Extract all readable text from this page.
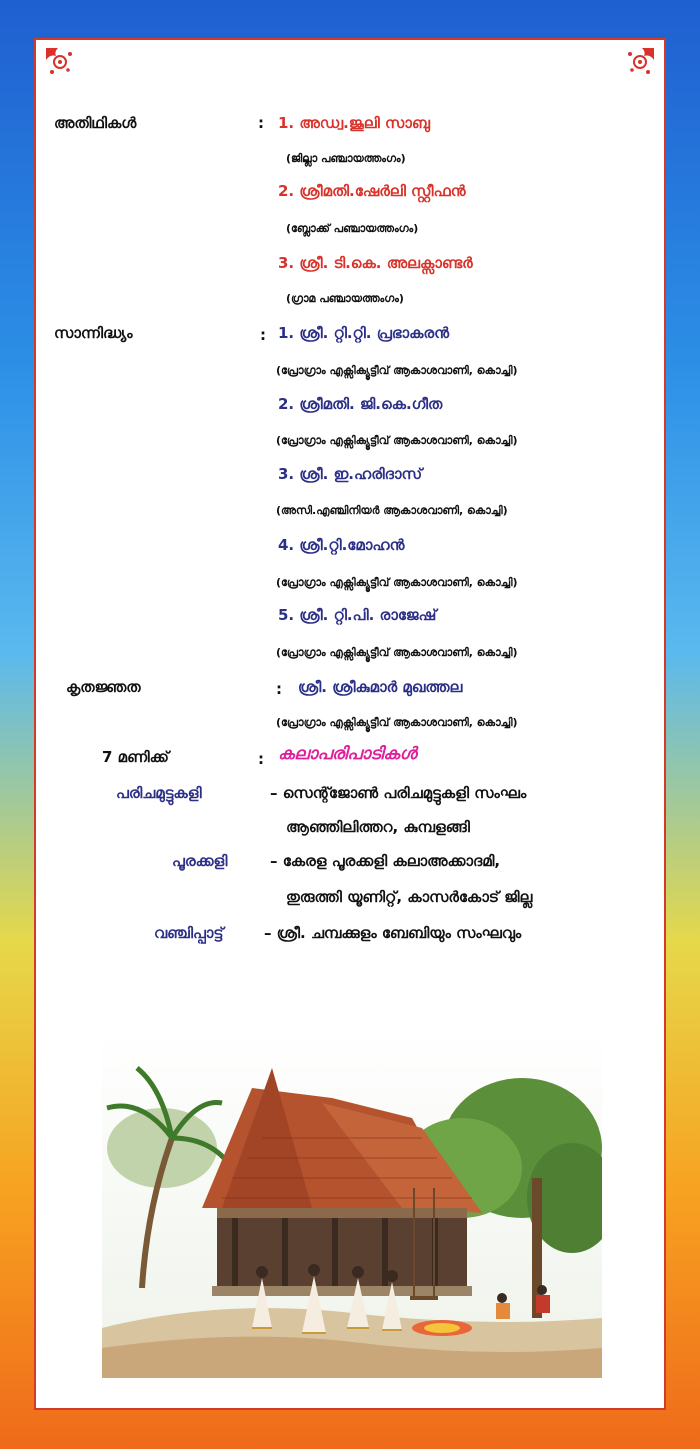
അതിഥികൾ	: 1. അഡ്വ.ജൂലി സാബു
(ജില്ലാ പഞ്ചായത്തംഗം)
2. ശ്രീമതി.ഷേർലി സ്റ്റീഫൻ
(ബ്ലോക്ക് പഞ്ചായത്തംഗം)
3. ശ്രീ. ടി.കെ. അലക്സാണ്ടർ
(ഗ്രാമ പഞ്ചായത്തംഗം)
സാന്നിദ്ധ്യം	: 1. ശ്രീ. റ്റി.റ്റി. പ്രഭാകരൻ
(പ്രോഗ്രാം എക്സിക്യൂട്ടീവ് ആകാശവാണി, കൊച്ചി)
2. ശ്രീമതി. ജി.കെ.ഗീത
(പ്രോഗ്രാം എക്സിക്യൂട്ടീവ് ആകാശവാണി, കൊച്ചി)
3. ശ്രീ. ഇ.ഹരിദാസ്
(അസി.എഞ്ചിനിയർ ആകാശവാണി, കൊച്ചി)
4. ശ്രീ.റ്റി.മോഹൻ
(പ്രോഗ്രാം എക്സിക്യൂട്ടീവ് ആകാശവാണി, കൊച്ചി)
5. ശ്രീ. റ്റി.പി. രാജേഷ്
(പ്രോഗ്രാം എക്സിക്യൂട്ടീവ് ആകാശവാണി, കൊച്ചി)
കൃതജ്ഞത	: ശ്രീ. ശ്രീകുമാർ മുഖത്തല
(പ്രോഗ്രാം എക്സിക്യൂട്ടീവ് ആകാശവാണി, കൊച്ചി)
7 മണിക്ക്	: കലാപരിപാടികൾ
പരിചമുട്ടുകളി	– സെന്റ്ജോൺ പരിചമുട്ടുകളി സംഘം
ആഞ്ഞിലിത്തറ, കുമ്പളങ്ങി
പൂരക്കളി	– കേരള പൂരക്കളി കലാഅക്കാദമി,
തുരുത്തി യൂണിറ്റ്, കാസർകോട് ജില്ല
വഞ്ചിപ്പാട്ട്	– ശ്രീ. ചമ്പക്കുളം ബേബിയും സംഘവും
